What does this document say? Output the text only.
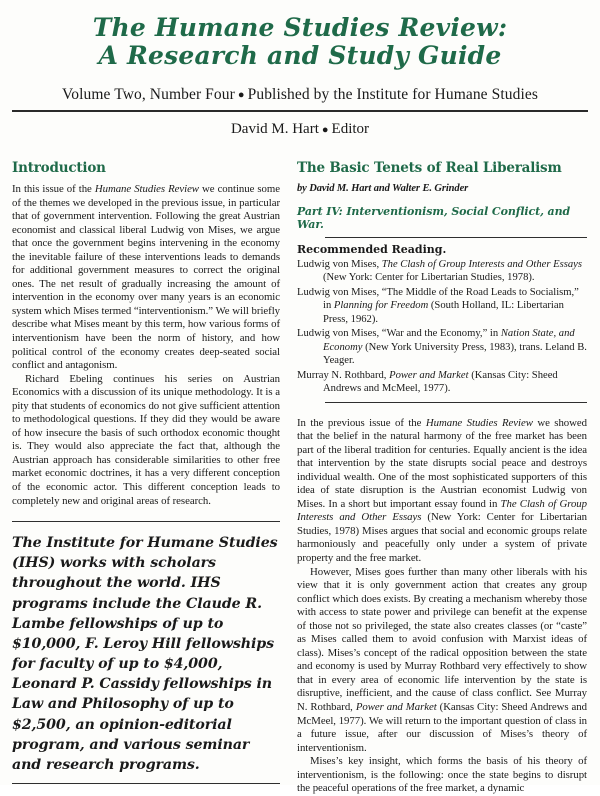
The Humane Studies Review:
A Research and Study Guide
Volume Two, Number Four ● Published by the Institute for Humane Studies
David M. Hart ● Editor
Introduction

In this issue of the Humane Studies Review we continue some of the themes we developed in the previous issue, in particular that of government intervention. Following the great Austrian economist and classical liberal Ludwig von Mises, we argue that once the government begins intervening in the economy the inevitable failure of these interventions leads to demands for additional government measures to correct the original ones. The net result of gradually increasing the amount of intervention in the economy over many years is an economic system which Mises termed “interventionism.” We will briefly describe what Mises meant by this term, how various forms of interventionism have been the norm of history, and how political control of the economy creates deep-seated social conflict and antagonism.

Richard Ebeling continues his series on Austrian Economics with a discussion of its unique methodology. It is a pity that students of economics do not give sufficient attention to methodological questions. If they did they would be aware of how insecure the basis of such orthodox economic thought is. They would also appreciate the fact that, although the Austrian approach has considerable similarities to other free market economic doctrines, it has a very different conception of the economic actor. This different conception leads to completely new and original areas of research.

The Institute for Humane Studies (IHS) works with scholars throughout the world. IHS programs include the Claude R. Lambe fellowships of up to $10,000, F. Leroy Hill fellowships for faculty of up to $4,000, Leonard P. Cassidy fellowships in Law and Philosophy of up to $2,500, an opinion-editorial program, and various seminar and research programs.

The Basic Tenets of Real Liberalism
by David M. Hart and Walter E. Grinder
Part IV: Interventionism, Social Conflict, and War.
Recommended Reading.
Ludwig von Mises, The Clash of Group Interests and Other Essays (New York: Center for Libertarian Studies, 1978).
Ludwig von Mises, “The Middle of the Road Leads to Socialism,” in Planning for Freedom (South Holland, IL: Libertarian Press, 1962).
Ludwig von Mises, “War and the Economy,” in Nation State, and Economy (New York University Press, 1983), trans. Leland B. Yeager.
Murray N. Rothbard, Power and Market (Kansas City: Sheed Andrews and McMeel, 1977).

In the previous issue of the Humane Studies Review we showed that the belief in the natural harmony of the free market has been part of the liberal tradition for centuries. Equally ancient is the idea that intervention by the state disrupts social peace and destroys individual wealth. One of the most sophisticated supporters of this idea of state disruption is the Austrian economist Ludwig von Mises. In a short but important essay found in The Clash of Group Interests and Other Essays (New York: Center for Libertarian Studies, 1978) Mises argues that social and economic groups relate harmoniously and peacefully only under a system of private property and the free market.

However, Mises goes further than many other liberals with his view that it is only government action that creates any group conflict which does exists. By creating a mechanism whereby those with access to state power and privilege can benefit at the expense of those not so privileged, the state also creates classes (or “caste” as Mises called them to avoid confusion with Marxist ideas of class). Mises’s concept of the radical opposition between the state and economy is used by Murray Rothbard very effectively to show that in every area of economic life intervention by the state is disruptive, inefficient, and the cause of class conflict. See Murray N. Rothbard, Power and Market (Kansas City: Sheed Andrews and McMeel, 1977). We will return to the important question of class in a future issue, after our discussion of Mises’s theory of interventionism.

Mises’s key insight, which forms the basis of his theory of interventionism, is the following: once the state begins to disrupt the peaceful operations of the free market, a dynamic
